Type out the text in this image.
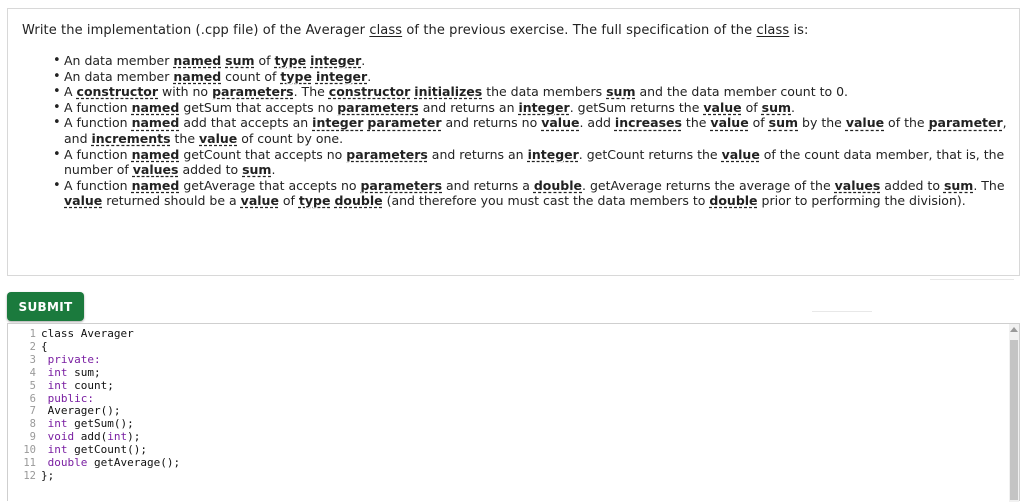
Write the implementation (.cpp file) of the Averager class of the previous exercise. The full specification of the class is:
• An data member named sum of type integer.
• An data member named count of type integer.
• A constructor with no parameters. The constructor initializes the data members sum and the data member count to 0.
• A function named getSum that accepts no parameters and returns an integer. getSum returns the value of sum.
• A function named add that accepts an integer parameter and returns no value. add increases the value of sum by the value of the parameter, and increments the value of count by one.
• A function named getCount that accepts no parameters and returns an integer. getCount returns the value of the count data member, that is, the number of values added to sum.
• A function named getAverage that accepts no parameters and returns a double. getAverage returns the average of the values added to sum. The value returned should be a value of type double (and therefore you must cast the data members to double prior to performing the division).
SUBMIT
1
2
3
4
5
6
7
8
9
10
11
12
class Averager
{
private:
int sum;
int count;
public:
Averager();
int getSum();
void add(int);
int getCount();
double getAverage();
};
